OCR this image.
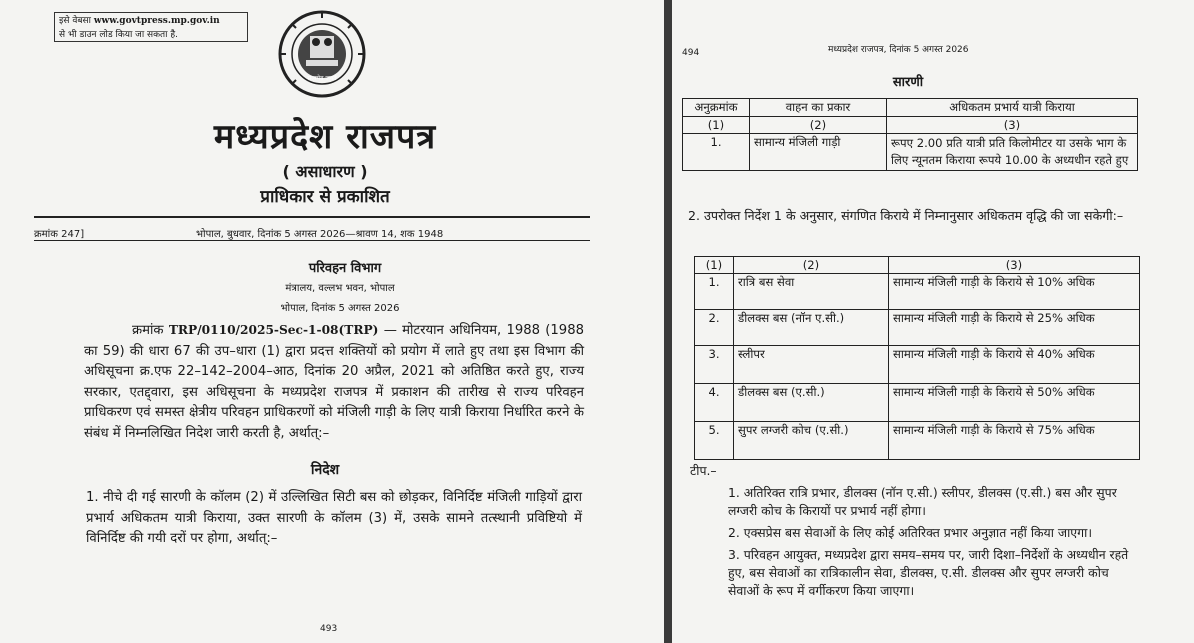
इसे वेबसा www.govtpress.mp.gov.in
से भी डाउन लोड किया जा सकता है.
सत्यमेव जयते
मध्यप्रदेश राजपत्र
( असाधारण )
प्राधिकार से प्रकाशित
क्रमांक 247]	भोपाल, बुधवार, दिनांक 5 अगस्त 2026—श्रावण 14, शक 1948
परिवहन विभाग
मंत्रालय, वल्लभ भवन, भोपाल
भोपाल, दिनांक 5 अगस्त 2026
क्रमांक TRP/0110/2025-Sec-1-08(TRP) — मोटरयान अधिनियम, 1988 (1988 का 59) की धारा 67 की उप–धारा (1) द्वारा प्रदत्त शक्तियों को प्रयोग में लाते हुए तथा इस विभाग की अधिसूचना क्र.एफ 22–142–2004–आठ, दिनांक 20 अप्रैल, 2021 को अतिष्ठित करते हुए, राज्य सरकार, एतद्द्वारा, इस अधिसूचना के मध्यप्रदेश राजपत्र में प्रकाशन की तारीख से राज्य परिवहन प्राधिकरण एवं समस्त क्षेत्रीय परिवहन प्राधिकरणों को मंजिली गाड़ी के लिए यात्री किराया निर्धारित करने के संबंध में निम्नलिखित निदेश जारी करती है, अर्थात्:–
निदेश
1. नीचे दी गई सारणी के कॉलम (2) में उल्लिखित सिटी बस को छोड़कर, विनिर्दिष्ट मंजिली गाड़ियों द्वारा प्रभार्य अधिकतम यात्री किराया, उक्त सारणी के कॉलम (3) में, उसके सामने तत्स्थानी प्रविष्टियो में विनिर्दिष्ट की गयी दरों पर होगा, अर्थात्:–
493
494	मध्यप्रदेश राजपत्र, दिनांक 5 अगस्त 2026
सारणी
अनुक्रमांक	वाहन का प्रकार	अधिकतम प्रभार्य यात्री किराया
(1)	(2)	(3)
1.	सामान्य मंजिली गाड़ी	रूपए 2.00 प्रति यात्री प्रति किलोमीटर या उसके भाग के लिए न्यूनतम किराया रूपये 10.00 के अध्यधीन रहते हुए
2. उपरोक्त निर्देश 1 के अनुसार, संगणित किराये में निम्नानुसार अधिकतम वृद्धि की जा सकेगी:–
(1)	(2)	(3)
1.	रात्रि बस सेवा	सामान्य मंजिली गाड़ी के किराये से 10% अधिक
2.	डीलक्स बस (नॉन ए.सी.)	सामान्य मंजिली गाड़ी के किराये से 25% अधिक
3.	स्लीपर	सामान्य मंजिली गाड़ी के किराये से 40% अधिक
4.	डीलक्स बस (ए.सी.)	सामान्य मंजिली गाड़ी के किराये से 50% अधिक
5.	सुपर लग्जरी कोच (ए.सी.)	सामान्य मंजिली गाड़ी के किराये से 75% अधिक
टीप.–
1. अतिरिक्त रात्रि प्रभार, डीलक्स (नॉन ए.सी.) स्लीपर, डीलक्स (ए.सी.) बस और सुपर लग्जरी कोच के किरायों पर प्रभार्य नहीं होगा।
2. एक्सप्रेस बस सेवाओं के लिए कोई अतिरिक्त प्रभार अनुज्ञात नहीं किया जाएगा।
3. परिवहन आयुक्त, मध्यप्रदेश द्वारा समय–समय पर, जारी दिशा–निर्देशों के अध्यधीन रहते हुए, बस सेवाओं का रात्रिकालीन सेवा, डीलक्स, ए.सी. डीलक्स और सुपर लग्जरी कोच सेवाओं के रूप में वर्गीकरण किया जाएगा।
